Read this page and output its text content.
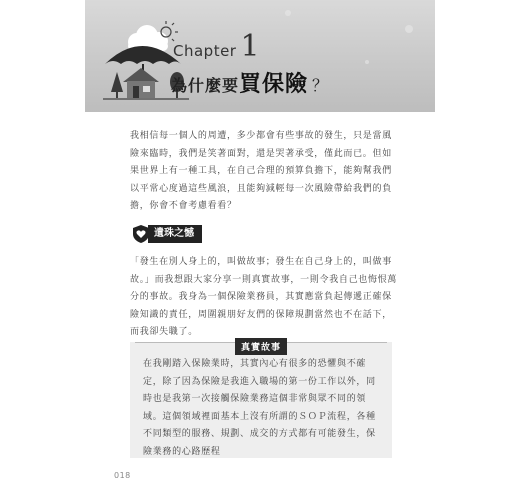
Chapter 1
為什麼要 買保險 ？
我相信每一個人的周遭，多少都會有些事故的發生，只是當風險來臨時，我們是笑著面對，還是哭著承受，僅此而已。但如果世界上有一種工具，在自己合理的預算負擔下，能夠幫我們以平常心度過這些風浪，且能夠減輕每一次風險帶給我們的負擔，你會不會考慮看看？
遺珠之憾
「發生在別人身上的，叫做故事；發生在自己身上的，叫做事故。」而我想跟大家分享一則真實故事，一則令我自己也悔恨萬分的事故。我身為一個保險業務員，其實應當負起傳遞正確保險知識的責任，周圍親朋好友們的保障規劃當然也不在話下，而我卻失職了。
真實故事
在我剛踏入保險業時，其實內心有很多的恐懼與不確定，除了因為保險是我進入職場的第一份工作以外，同時也是我第一次接觸保險業務這個非常與眾不同的領域。這個領域裡面基本上沒有所謂的ＳＯＰ流程，各種不同類型的服務、規劃、成交的方式都有可能發生，保險業務的心路歷程
018
